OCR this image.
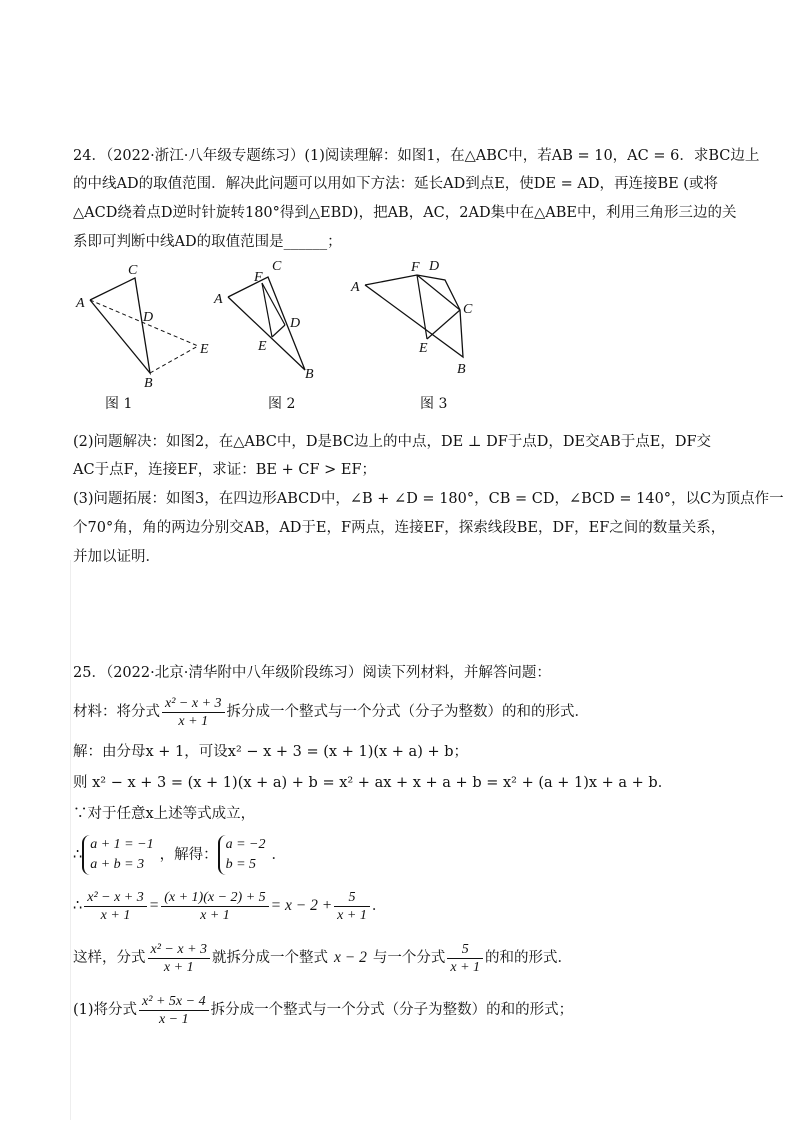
24．（2022·浙江·八年级专题练习）(1)阅读理解：如图1，在△ABC中，若AB = 10，AC = 6．求BC边上
的中线AD的取值范围．解决此问题可以用如下方法：延长AD到点E，使DE = AD，再连接BE (或将
△ACD绕着点D逆时针旋转180°得到△EBD)，把AB，AC，2AD集中在△ABE中，利用三角形三边的关
系即可判断中线AD的取值范围是______；
A
C
D
E
B
图 1
A
F
C
D
E
B
图 2
A
F D
C
E
B
图 3
(2)问题解决：如图2，在△ABC中，D是BC边上的中点，DE ⊥ DF于点D，DE交AB于点E，DF交
AC于点F，连接EF，求证：BE + CF > EF；
(3)问题拓展：如图3，在四边形ABCD中，∠B + ∠D = 180°，CB = CD，∠BCD = 140°，以C为顶点作一
个70°角，角的两边分别交AB，AD于E，F两点，连接EF，探索线段BE，DF，EF之间的数量关系，
并加以证明．
25．（2022·北京·清华附中八年级阶段练习）阅读下列材料，并解答问题：
材料：将分式 $\frac{\text{x² − x + 3}}{x + 1}$ 拆分成一个整式与一个分式（分子为整数）的和的形式．
解：由分母x + 1，可设x² − x + 3 = (x + 1)(x + a) + b；
则 x² − x + 3 = (x + 1)(x + a) + b = x² + ax + x + a + b = x² + (a + 1)x + a + b．
∵对于任意x上述等式成立，
∴
a + 1 = −1
a + b = 3
，解得：
a = −2
b = 5
．
∴ $\frac{\text{x² − x + 3}}{x + 1} = \frac{(x + 1)(x - 2) + 5}{x + 1} = x - 2 + \frac{5}{x + 1}$ ．
这样，分式 $\frac{\text{x² − x + 3}}{x + 1}$ 就拆分成一个整式 x − 2 与一个分式 $\frac{5}{x + 1}$ 的和的形式．
(1)将分式 $\frac{\text{x² + 5x − 4}}{x - 1}$ 拆分成一个整式与一个分式（分子为整数）的和的形式；
